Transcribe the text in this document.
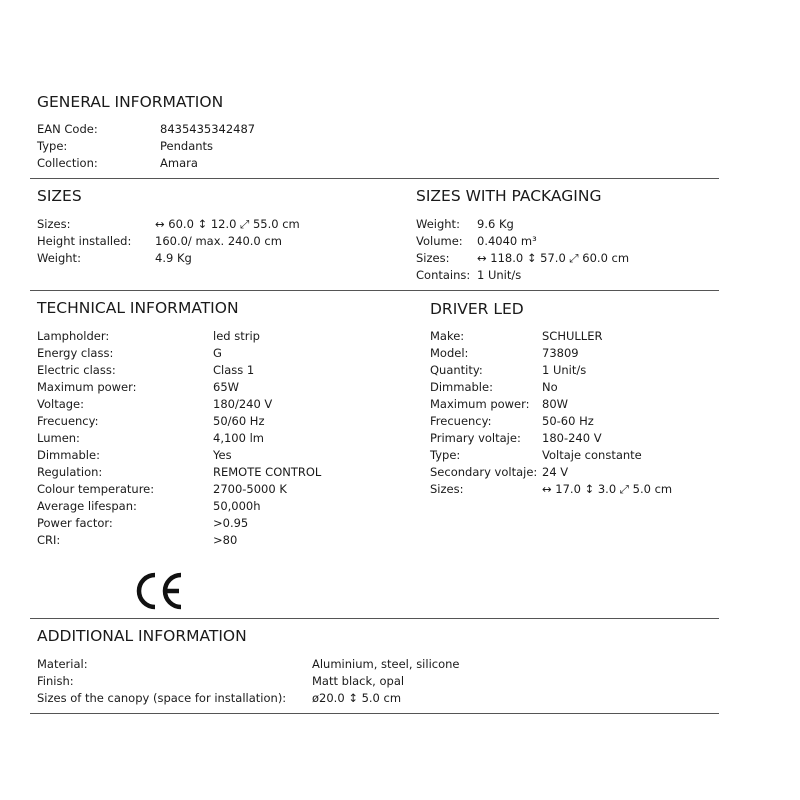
GENERAL INFORMATION
EAN Code:	8435435342487
Type:	Pendants
Collection:	Amara
SIZES
Sizes:	↔ 60.0 ↕ 12.0 ⤢ 55.0 cm
Height installed: 160.0/ max. 240.0 cm
Weight:	4.9 Kg
SIZES WITH PACKAGING
Weight: 9.6 Kg
Volume: 0.4040 m³
Sizes: ↔ 118.0 ↕ 57.0 ⤢ 60.0 cm
Contains: 1 Unit/s
TECHNICAL INFORMATION
Lampholder:	led strip
Energy class:	G
Electric class:	Class 1
Maximum power:	65W
Voltage:	180/240 V
Frecuency:	50/60 Hz
Lumen:	4,100 lm
Dimmable:	Yes
Regulation:	REMOTE CONTROL
Colour temperature:	2700-5000 K
Average lifespan:	50,000h
Power factor:	>0.95
CRI:	>80
DRIVER LED
Make:	SCHULLER
Model:	73809
Quantity:	1 Unit/s
Dimmable:	No
Maximum power: 80W
Frecuency:	50-60 Hz
Primary voltaje: 180-240 V
Type:	Voltaje constante
Secondary voltaje: 24 V
Sizes:	↔ 17.0 ↕ 3.0 ⤢ 5.0 cm
ADDITIONAL INFORMATION
Material:	Aluminium, steel, silicone
Finish:	Matt black, opal
Sizes of the canopy (space for installation): ø20.0 ↕ 5.0 cm
